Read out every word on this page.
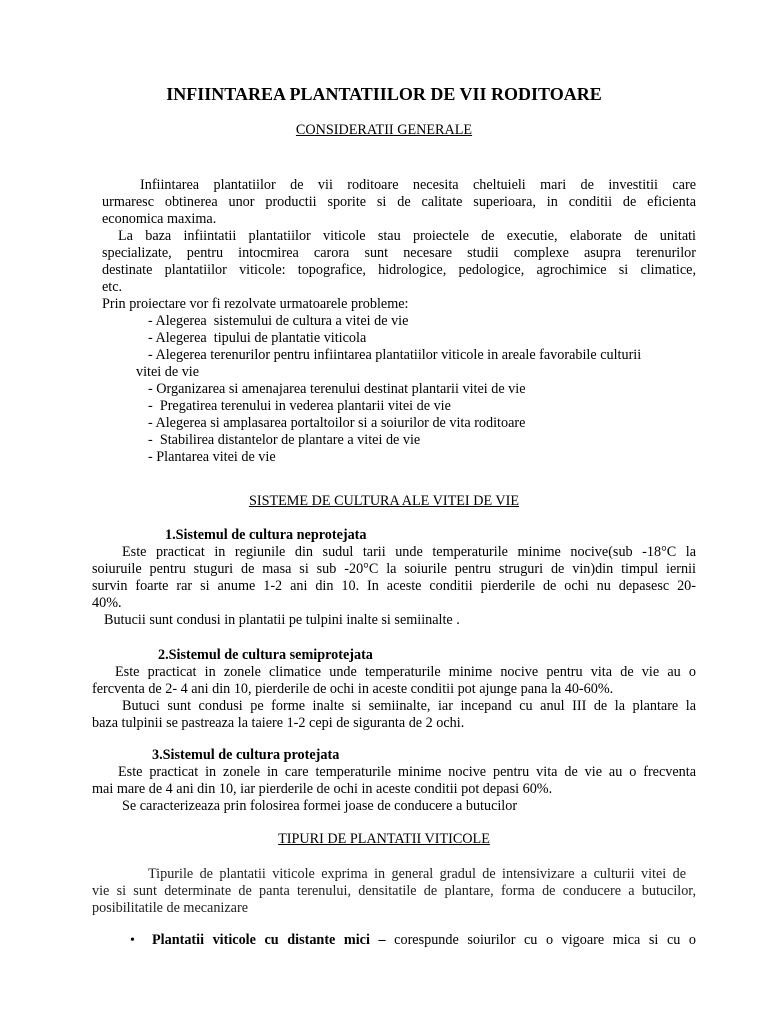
INFIINTAREA PLANTATIILOR DE VII RODITOARE
CONSIDERATII GENERALE
Infiintarea plantatiilor de vii roditoare necesita cheltuieli mari de investitii care
urmaresc obtinerea unor productii sporite si de calitate superioara, in conditii de eficienta
economica maxima.
La baza infiintatii plantatiilor viticole stau proiectele de executie, elaborate de unitati
specializate, pentru intocmirea carora sunt necesare studii complexe asupra terenurilor
destinate plantatiilor viticole: topografice, hidrologice, pedologice, agrochimice si climatice,
etc.
Prin proiectare vor fi rezolvate urmatoarele probleme:
- Alegerea  sistemului de cultura a vitei de vie
- Alegerea  tipului de plantatie viticola
- Alegerea terenurilor pentru infiintarea plantatiilor viticole in areale favorabile culturii
vitei de vie
- Organizarea si amenajarea terenului destinat plantarii vitei de vie
-  Pregatirea terenului in vederea plantarii vitei de vie
- Alegerea si amplasarea portaltoilor si a soiurilor de vita roditoare
-  Stabilirea distantelor de plantare a vitei de vie
- Plantarea vitei de vie
SISTEME DE CULTURA ALE VITEI DE VIE
1.Sistemul de cultura neprotejata
Este practicat in regiunile din sudul tarii unde temperaturile minime nocive(sub -18°C la
soiuruile pentru stuguri de masa si sub -20°C la soiurile pentru struguri de vin)din timpul iernii
survin foarte rar si anume 1-2 ani din 10. In aceste conditii pierderile de ochi nu depasesc 20-
40%.
Butucii sunt condusi in plantatii pe tulpini inalte si semiinalte .
2.Sistemul de cultura semiprotejata
Este practicat in zonele climatice unde temperaturile minime nocive pentru vita de vie au o
fercventa de 2- 4 ani din 10, pierderile de ochi in aceste conditii pot ajunge pana la 40-60%.
Butuci sunt condusi pe forme inalte si semiinalte, iar incepand cu anul III de la plantare la
baza tulpinii se pastreaza la taiere 1-2 cepi de siguranta de 2 ochi.
3.Sistemul de cultura protejata
Este practicat in zonele in care temperaturile minime nocive pentru vita de vie au o frecventa
mai mare de 4 ani din 10, iar pierderile de ochi in aceste conditii pot depasi 60%.
Se caracterizeaza prin folosirea formei joase de conducere a butucilor
TIPURI DE PLANTATII VITICOLE
Tipurile de plantatii viticole exprima in general gradul de intensivizare a culturii vitei de
vie si sunt determinate de panta terenului, densitatile de plantare, forma de conducere a butucilor,
posibilitatile de mecanizare
• Plantatii viticole cu distante mici – corespunde soiurilor cu o vigoare mica si cu o
